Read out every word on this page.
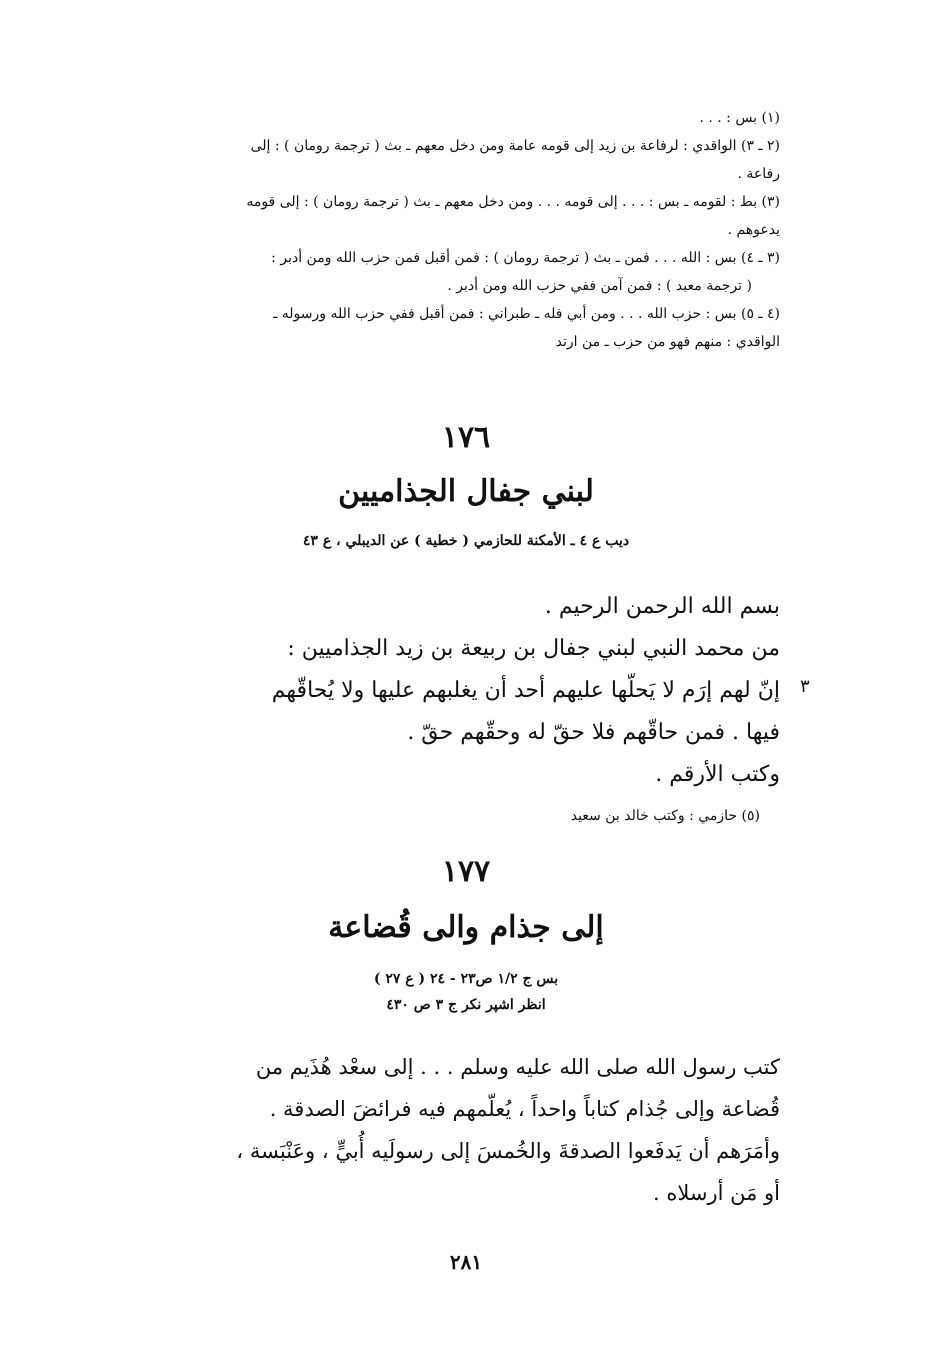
(١) بس : . . .

(٢ ـ ٣) الواقدي : لرفاعة بن زيد إلى قومه عامة ومن دخل معهم ـ بث ( ترجمة رومان ) : إلى

رفاعة .

(٣) بط : لقومه ـ بس : . . . إلى قومه . . . ومن دخل معهم ـ بث ( ترجمة رومان ) : إلى قومه

يدعوهم .

(٣ ـ ٤) بس : الله . . . فمن ـ بث ( ترجمة رومان ) : فمن أقبل فمن حزب الله ومن أدبر :

( ترجمة معبد ) : فمن آمن ففي حزب الله ومن أدبر .

(٤ ـ ٥) بس : حزب الله . . . ومن أبي فله ـ طبراني : فمن أقبل ففي حزب الله ورسوله ـ

الواقدي : منهم فهو من حزب ـ من ارتد

١٧٦
لبني جفال الجذاميين
ديب ع ٤ ـ الأمكنة للحازمي ( خطية ) عن الديبلي ، ع ٤٣

بسم الله الرحمن الرحيم .

من محمد النبي لبني جفال بن ربيعة بن زيد الجذاميين :

إنّ لهم إرَم لا يَحلّها عليهم أحد أن يغلبهم عليها ولا يُحاقّهم

فيها . فمن حاقّهم فلا حقّ له وحقّهم حقّ .

وكتب الأرقم .

٣
(٥) حازمي : وكتب خالد بن سعيد
١٧٧
إلى جذام والى قُضاعة
بس ج ١/٢ ص٢٣ - ٢٤ ( ع ٢٧ )
انظر اشپر نكر ج ٣ ص ٤٣٠

كتب رسول الله صلى الله عليه وسلم . . . إلى سعْد هُذَيم من

قُضاعة وإلى جُذام كتاباً واحداً ، يُعلّمهم فيه فرائضَ الصدقة .

وأمَرَهم أن يَدفَعوا الصدقةَ والخُمسَ إلى رسولَيه أُبيٍّ ، وعَنْبَسة ،

أو مَن أرسلاه .

٢٨١
